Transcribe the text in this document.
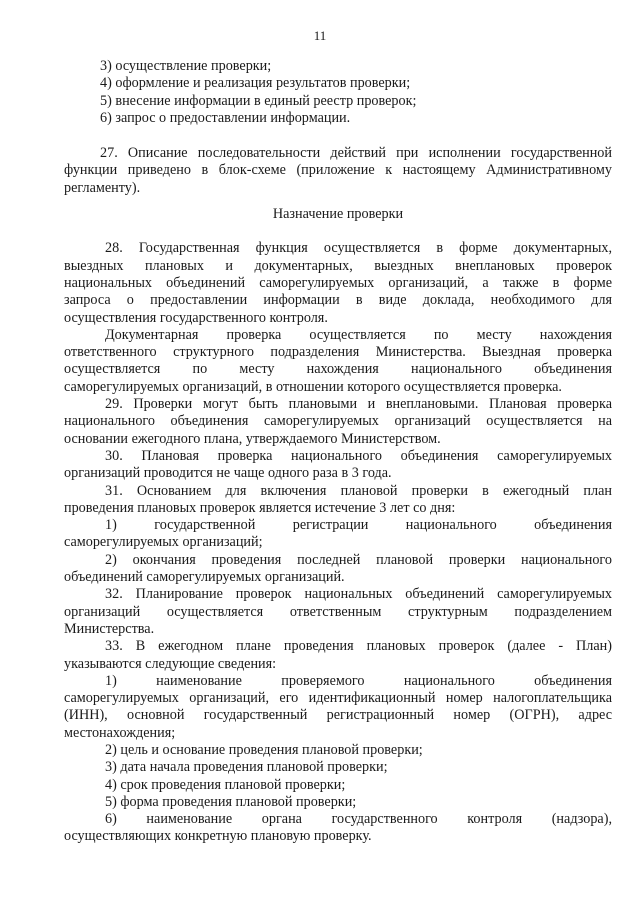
11

3) осуществление проверки;

4) оформление и реализация результатов проверки;

5) внесение информации в единый реестр проверок;

6) запрос о предоставлении информации.

27. Описание последовательности действий при исполнении государственной

функции приведено в блок-схеме (приложение к настоящему Административному

регламенту).

Назначение проверки

28. Государственная функция осуществляется в форме документарных,

выездных плановых и документарных, выездных внеплановых проверок

национальных объединений саморегулируемых организаций, а также в форме

запроса о предоставлении информации в виде доклада, необходимого для

осуществления государственного контроля.

Документарная проверка осуществляется по месту нахождения

ответственного структурного подразделения Министерства. Выездная проверка

осуществляется по месту нахождения национального объединения

саморегулируемых организаций, в отношении которого осуществляется проверка.

29. Проверки могут быть плановыми и внеплановыми. Плановая проверка

национального объединения саморегулируемых организаций осуществляется на

основании ежегодного плана, утверждаемого Министерством.

30. Плановая проверка национального объединения саморегулируемых

организаций проводится не чаще одного раза в 3 года.

31. Основанием для включения плановой проверки в ежегодный план

проведения плановых проверок является истечение 3 лет со дня:

1) государственной регистрации национального объединения

саморегулируемых организаций;

2) окончания проведения последней плановой проверки национального

объединений саморегулируемых организаций.

32. Планирование проверок национальных объединений саморегулируемых

организаций осуществляется ответственным структурным подразделением

Министерства.

33. В ежегодном плане проведения плановых проверок (далее - План)

указываются следующие сведения:

1) наименование проверяемого национального объединения

саморегулируемых организаций, его идентификационный номер налогоплательщика

(ИНН), основной государственный регистрационный номер (ОГРН), адрес

местонахождения;

2) цель и основание проведения плановой проверки;

3) дата начала проведения плановой проверки;

4) срок проведения плановой проверки;

5) форма проведения плановой проверки;

6) наименование органа государственного контроля (надзора),

осуществляющих конкретную плановую проверку.
